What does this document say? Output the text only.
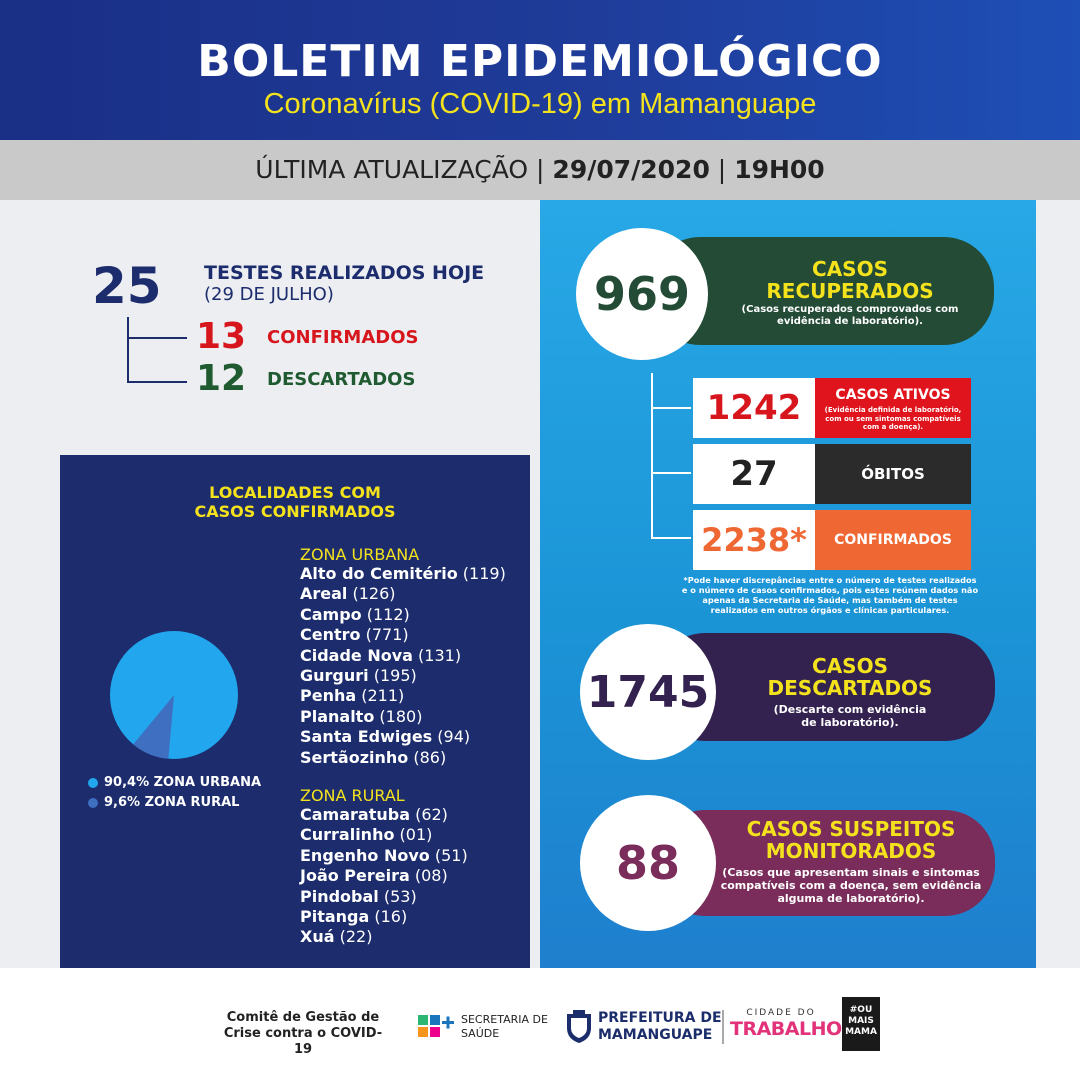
BOLETIM EPIDEMIOLÓGICO
Coronavírus (COVID-19) em Mamanguape
ÚLTIMA ATUALIZAÇÃO | 29/07/2020 | 19H00
25 TESTES REALIZADOS HOJE
(29 DE JULHO)
13 CONFIRMADOS
12 DESCARTADOS
LOCALIDADES COM
CASOS CONFIRMADOS
90,4% ZONA URBANA
9,6% ZONA RURAL
ZONA URBANA
Alto do Cemitério (119)
Areal (126)
Campo (112)
Centro (771)
Cidade Nova (131)
Gurguri (195)
Penha (211)
Planalto (180)
Santa Edwiges (94)
Sertãozinho (86)
ZONA RURAL
Camaratuba (62)
Curralinho (01)
Engenho Novo (51)
João Pereira (08)
Pindobal (53)
Pitanga (16)
Xuá (22)
969	CASOS
RECUPERADOS
(Casos recuperados comprovados com evidência de laboratório).
1242	CASOS ATIVOS
(Evidência definida de laboratório, com ou sem sintomas compatíveis com a doença).
27	ÓBITOS
2238*	CONFIRMADOS
*Pode haver discrepâncias entre o número de testes realizados e o número de casos confirmados, pois estes reúnem dados não apenas da Secretaria de Saúde, mas também de testes realizados em outros órgãos e clínicas particulares.
1745
CASOS
DESCARTADOS
(Descarte com evidência
de laboratório).
88
CASOS SUSPEITOS
MONITORADOS
(Casos que apresentam sinais e sintomas compatíveis com a doença, sem evidência alguma de laboratório).
Comitê de Gestão de
Crise contra o COVID-19
SECRETARIA DE
SAÚDE
PREFEITURA DE
MAMANGUAPE
CIDADE DO
TRABALHO
#OU MAIS MAMA
